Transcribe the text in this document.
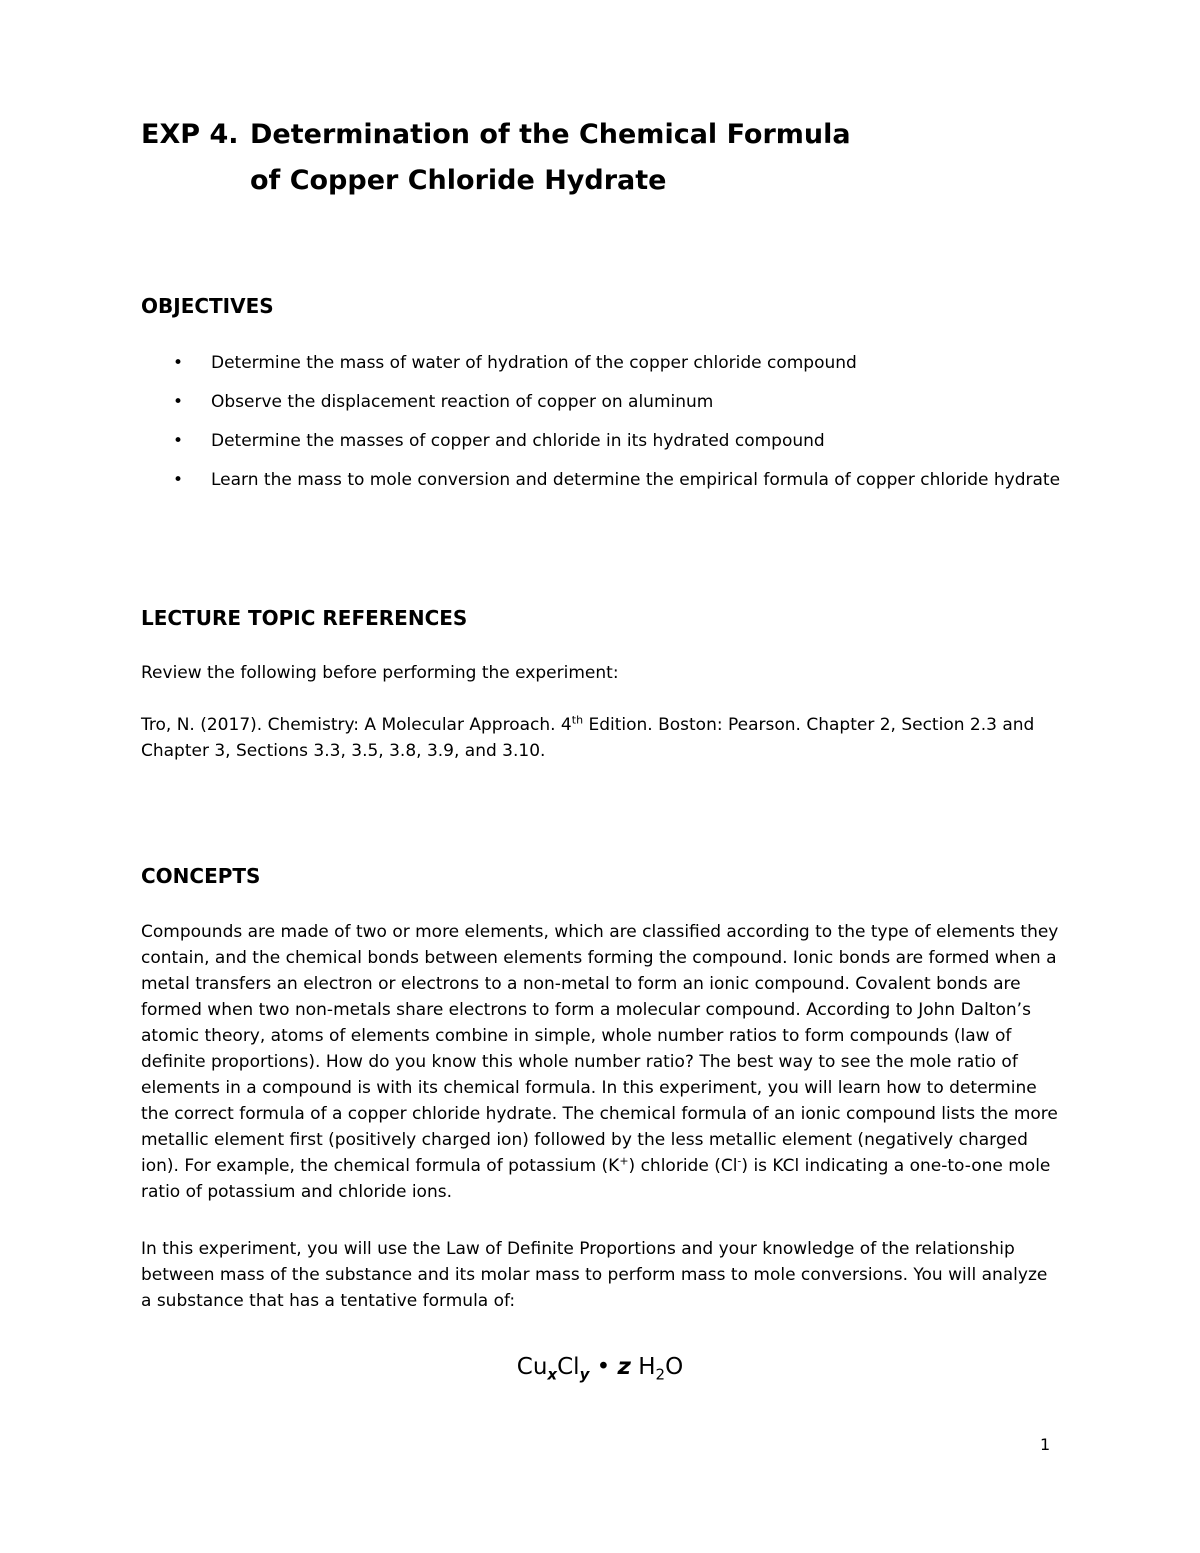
EXP 4. Determination of the Chemical Formula
of Copper Chloride Hydrate
OBJECTIVES
• Determine the mass of water of hydration of the copper chloride compound
• Observe the displacement reaction of copper on aluminum
• Determine the masses of copper and chloride in its hydrated compound
• Learn the mass to mole conversion and determine the empirical formula of copper chloride hydrate
LECTURE TOPIC REFERENCES

Review the following before performing the experiment:

Tro, N. (2017). Chemistry: A Molecular Approach. 4th Edition. Boston: Pearson. Chapter 2, Section 2.3 and Chapter 3, Sections 3.3, 3.5, 3.8, 3.9, and 3.10.

CONCEPTS

Compounds are made of two or more elements, which are classified according to the type of elements they contain, and the chemical bonds between elements forming the compound. Ionic bonds are formed when a metal transfers an electron or electrons to a non-metal to form an ionic compound. Covalent bonds are formed when two non-metals share electrons to form a molecular compound. According to John Dalton’s atomic theory, atoms of elements combine in simple, whole number ratios to form compounds (law of definite proportions). How do you know this whole number ratio? The best way to see the mole ratio of elements in a compound is with its chemical formula. In this experiment, you will learn how to determine the correct formula of a copper chloride hydrate. The chemical formula of an ionic compound lists the more metallic element first (positively charged ion) followed by the less metallic element (negatively charged ion). For example, the chemical formula of potassium (K+) chloride (Cl-) is KCl indicating a one-to-one mole ratio of potassium and chloride ions.

In this experiment, you will use the Law of Definite Proportions and your knowledge of the relationship between mass of the substance and its molar mass to perform mass to mole conversions. You will analyze a substance that has a tentative formula of:

$Cu_xCl_y$ • z $H_2O$
1
